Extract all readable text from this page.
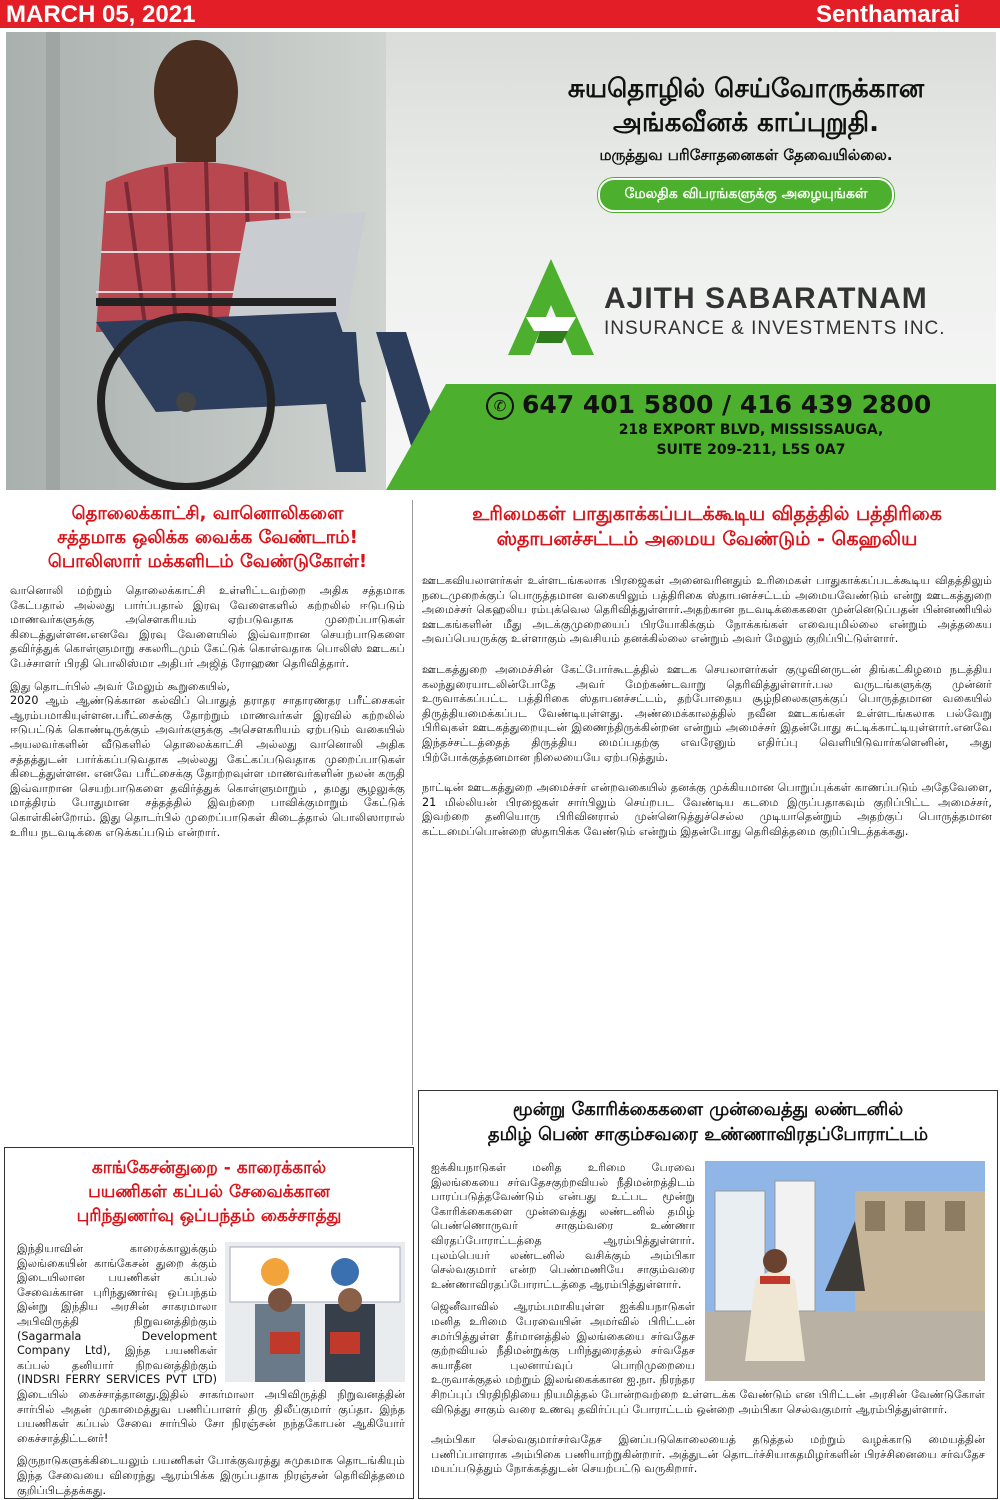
MARCH 05, 2021	Senthamarai
சுயதொழில் செய்வோருக்கான
அங்கவீனக் காப்புறுதி.
மருத்துவ பரிசோதனைகள் தேவையில்லை.
மேலதிக விபரங்களுக்கு அழையுங்கள்
AJITH SABARATNAM
INSURANCE & INVESTMENTS INC.
✆ 647 401 5800 / 416 439 2800
218 EXPORT BLVD, MISSISSAUGA,
SUITE 209-211, L5S 0A7
தொலைக்காட்சி, வானொலிகளை
சத்தமாக ஒலிக்க வைக்க வேண்டாம்!
பொலிஸார் மக்களிடம் வேண்டுகோள்!

வானொலி மற்றும் தொலைக்காட்சி உள்ளிட்டவற்றை அதிக சத்தமாக கேட்பதால் அல்லது பார்ப்பதால் இரவு வேளைகளில் கற்றலில் ஈடுபடும் மாணவர்களுக்கு அசௌகரியம் ஏற்படுவதாக முறைப்பாடுகள் கிடைத்துள்ளன.எனவே இரவு வேளையில் இவ்வாறான செயற்பாடுகளை தவிர்த்துக் கொள்ளுமாறு சகலரிடமும் கேட்டுக் கொள்வதாக பொலிஸ் ஊடகப் பேச்சாளர் பிரதி பொலிஸ்மா அதிபர் அஜித் ரோஹண தெரிவித்தார்.

இது தொடர்பில் அவர் மேலும் கூறுகையில்,

2020 ஆம் ஆண்டுக்கான கல்விப் பொதுத் தராதர சாதாரணதர பரீட்சைகள் ஆரம்பமாகியுள்ளன.பரீட்சைக்கு தோற்றும் மாணவர்கள் இரவில் கற்றலில் ஈடுபட்டுக் கொண்டிருக்கும் அவர்களுக்கு அசௌகரியம் ஏற்படும் வகையில் அயலவர்களின் வீடுகளில் தொலைக்காட்சி அல்லது வானொலி அதிக சத்தத்துடன் பார்க்கப்படுவதாக அல்லது கேட்கப்படுவதாக முறைப்பாடுகள் கிடைத்துள்ளன. எனவே பரீட்சைக்கு தோற்றவுள்ள மாணவர்களின் நலன் கருதி இவ்வாறான செயற்பாடுகளை தவிர்த்துக் கொள்ளுமாறும் , தமது சூழலுக்கு மாத்திரம் போதுமான சத்தத்தில் இவற்றை பாவிக்குமாறும் கேட்டுக் கொள்கின்றோம். இது தொடர்பில் முறைப்பாடுகள் கிடைத்தால் பொலிஸாரால் உரிய நடவடிக்கை எடுக்கப்படும் என்றார்.

உரிமைகள் பாதுகாக்கப்படக்கூடிய விதத்தில் பத்திரிகை
ஸ்தாபனச்சட்டம் அமைய வேண்டும் - கெஹலிய

ஊடகவியலாளர்கள் உள்ளடங்கலாக பிரஜைகள் அனைவரினதும் உரிமைகள் பாதுகாக்கப்படக்கூடிய விதத்திலும் நடைமுறைக்குப் பொருத்தமான வகையிலும் பத்திரிகை ஸ்தாபனச்சட்டம் அமையவேண்டும் என்று ஊடகத்துறை அமைச்சர் கெஹலிய ரம்புக்வெல தெரிவித்துள்ளார்.அதற்கான நடவடிக்கைகளை முன்னெடுப்பதன் பின்னணியில் ஊடகங்களின் மீது அடக்குமுறையைப் பிரயோகிக்கும் நோக்கங்கள் எவையுமில்லை என்றும் அத்தகைய அவப்பெயருக்கு உள்ளாகும் அவசியம் தனக்கில்லை என்றும் அவர் மேலும் குறிப்பிட்டுள்ளார்.

ஊடகத்துறை அமைச்சின் கேட்போர்கூடத்தில் ஊடக செயலாளர்கள் குழுவினருடன் திங்கட்கிழமை நடத்திய கலந்துரையாடலின்போதே அவர் மேற்கண்டவாறு தெரிவித்துள்ளார்.பல வருடங்களுக்கு முன்னர் உருவாக்கப்பட்ட பத்திரிகை ஸ்தாபனச்சட்டம், தற்போதைய சூழ்நிலைகளுக்குப் பொருத்தமான வகையில் திருத்தியமைக்கப்பட வேண்டியுள்ளது. அண்மைக்காலத்தில் நவீன ஊடகங்கள் உள்ளடங்கலாக பல்வேறு பிரிவுகள் ஊடகத்துறையுடன் இணைந்திருக்கின்றன என்றும் அமைச்சர் இதன்போது சுட்டிக்காட்டியுள்ளார்.எனவே இந்தச்சட்டத்தைத் திருத்திய மைப்பதற்கு எவரேனும் எதிர்ப்பு வெளியிடுவார்களெனின், அது பிற்போக்குத்தனமான நிலையையே ஏற்படுத்தும்.

நாட்டின் ஊடகத்துறை அமைச்சர் என்றவகையில் தனக்கு முக்கியமான பொறுப்புக்கள் காணப்படும் அதேவேளை, 21 மில்லியன் பிரஜைகள் சார்பிலும் செய்றபட வேண்டிய கடமை இருப்பதாகவும் குறிப்பிட்ட அமைச்சர், இவற்றை தனியொரு பிரிவினரால் முன்னெடுத்துச்செல்ல முடியாதென்றும் அதற்குப் பொருத்தமான கட்டமைப்பொன்றை ஸ்தாபிக்க வேண்டும் என்றும் இதன்போது தெரிவித்தமை குறிப்பிடத்தக்கது.

காங்கேசன்துறை - காரைக்கால்
பயணிகள் கப்பல் சேவைக்கான
புரிந்துணர்வு ஒப்பந்தம் கைச்சாத்து

இந்தியாவின் காரைக்காலுக்கும் இலங்கையின் காங்கேசன் துறை க்கும் இடையிலான பயணிகள் கப்பல் சேவைக்கான புரிந்துணர்வு ஒப்பந்தம் இன்று இந்திய அரசின் சாகரமாலா அபிவிருத்தி நிறுவனத்திற்கும் (Sagarmala Development Company Ltd), இந்த பயணிகள் கப்பல் தனியார் நிறவனத்திற்கும் (INDSRI FERRY SERVICES PVT LTD) இடையில் கைச்சாத்தானது.இதில் சாகர்மாலா அபிவிருத்தி நிறுவனத்தின் சார்பில் அதன் முகாமைத்துவ பணிப்பாளர் திரு திலீப்குமார் குப்தா. இந்த பயணிகள் கப்பல் சேவை சார்பில் சோ நிரஞ்சன் நந்தகோபன் ஆகியோர் கைச்சாத்திட்டனர்!

இருநாடுகளுக்கிடையலும் பயணிகள் போக்குவரத்து சுமுகமாக தொடங்கியும் இந்த சேவையை விரைந்து ஆரம்பிக்க இருப்பதாக நிரஞ்சன் தெரிவித்தமை குறிப்பிடத்தக்கது.

மூன்று கோரிக்கைகளை முன்வைத்து லண்டனில்
தமிழ் பெண் சாகும்சவரை உண்ணாவிரதப்போராட்டம்

ஐக்கியநாடுகள் மனித உரிமை பேரவை இலங்கையை சர்வதேசகுற்றவியல் நீதிமன்றத்திடம் பாரப்படுத்தவேண்டும் என்பது உட்பட மூன்று கோரிக்கைகளை முன்வைத்து லண்டனில் தமிழ் பெண்ணொருவர் சாகும்வரை உண்ணா விரதப்போராட்டத்தை ஆரம்பித்துள்ளார். புலம்பெயர் லண்டனில் வசிக்கும் அம்பிகா செல்வகுமார் என்ற பெண்மணியே சாகும்வரை உண்ணாவிரதப்போராட்டத்தை ஆரம்பித்துள்ளார்.

ஜெனீவாவில் ஆரம்பமாகியுள்ள ஐக்கியநாடுகள் மனித உரிமை பேரவையின் அமர்வில் பிரிட்டன் சமர்பித்துள்ள தீர்மானத்தில் இலங்கையை சர்வதேச குற்றவியல் நீதிமன்றுக்கு பரிந்துரைத்தல் சர்வதேச சுயாதீன புலனாய்வுப் பொறிமுறையை உருவாக்குதல் மற்றும் இலங்கைக்கான ஐ.நா. நிரந்தர சிறப்புப் பிரதிநிதியை நியமித்தல் போன்றவற்றை உள்ளடக்க வேண்டும் என பிரிட்டன் அரசின் வேண்டுகோள் விடுத்து சாகும் வரை உணவு தவிர்ப்புப் போராட்டம் ஒன்றை அம்பிகா செல்வகுமார் ஆரம்பித்துள்ளார்.

அம்பிகா செல்வகுமார்சர்வதேச இனப்படுகொலையைத் தடுத்தல் மற்றும் வழக்காடு மையத்தின் பணிப்பாளராக அம்பிகை பணியாற்றுகின்றார். அத்துடன் தொடர்ச்சியாகதமிழர்களின் பிரச்சினையை சர்வதேச மயப்படுத்தும் நோக்கத்துடன் செயற்பட்டு வருகிறார்.
